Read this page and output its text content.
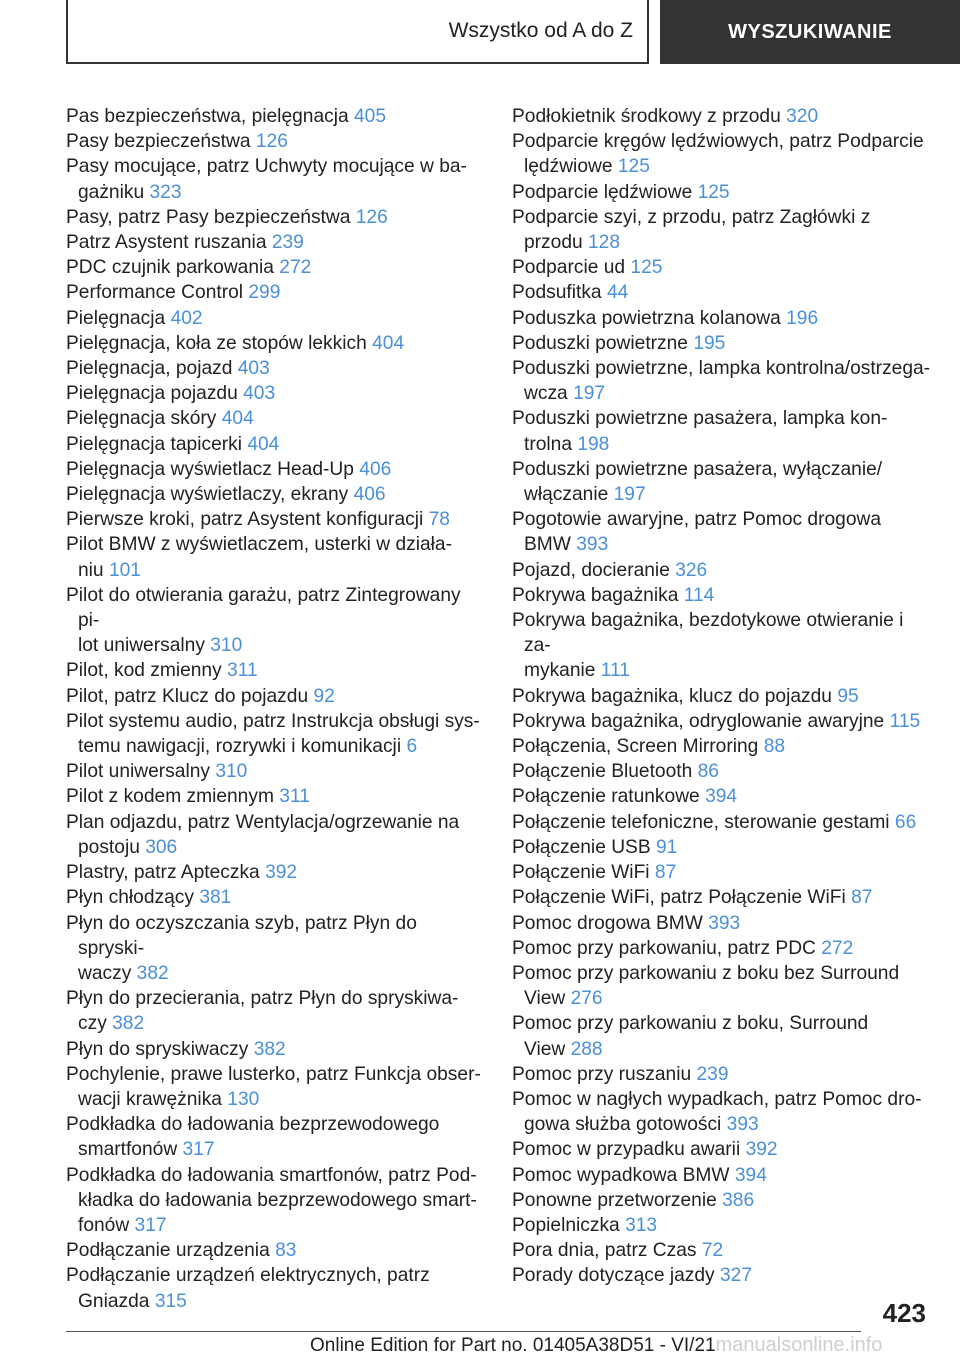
Wszystko od A do Z	WYSZUKIWANIE
Pas bezpieczeństwa, pielęgnacja 405
Pasy bezpieczeństwa 126
Pasy mocujące, patrz Uchwyty mocujące w ba-
gażniku 323
Pasy, patrz Pasy bezpieczeństwa 126
Patrz Asystent ruszania 239
PDC czujnik parkowania 272
Performance Control 299
Pielęgnacja 402
Pielęgnacja, koła ze stopów lekkich 404
Pielęgnacja, pojazd 403
Pielęgnacja pojazdu 403
Pielęgnacja skóry 404
Pielęgnacja tapicerki 404
Pielęgnacja wyświetlacz Head-Up 406
Pielęgnacja wyświetlaczy, ekrany 406
Pierwsze kroki, patrz Asystent konfiguracji 78
Pilot BMW z wyświetlaczem, usterki w działa-
niu 101
Pilot do otwierania garażu, patrz Zintegrowany pi-
lot uniwersalny 310
Pilot, kod zmienny 311
Pilot, patrz Klucz do pojazdu 92
Pilot systemu audio, patrz Instrukcja obsługi sys-
temu nawigacji, rozrywki i komunikacji 6
Pilot uniwersalny 310
Pilot z kodem zmiennym 311
Plan odjazdu, patrz Wentylacja/ogrzewanie na
postoju 306
Plastry, patrz Apteczka 392
Płyn chłodzący 381
Płyn do oczyszczania szyb, patrz Płyn do spryski-
waczy 382
Płyn do przecierania, patrz Płyn do spryskiwa-
czy 382
Płyn do spryskiwaczy 382
Pochylenie, prawe lusterko, patrz Funkcja obser-
wacji krawężnika 130
Podkładka do ładowania bezprzewodowego
smartfonów 317
Podkładka do ładowania smartfonów, patrz Pod-
kładka do ładowania bezprzewodowego smart-
fonów 317
Podłączanie urządzenia 83
Podłączanie urządzeń elektrycznych, patrz
Gniazda 315
Podłokietnik środkowy z przodu 320
Podparcie kręgów lędźwiowych, patrz Podparcie
lędźwiowe 125
Podparcie lędźwiowe 125
Podparcie szyi, z przodu, patrz Zagłówki z
przodu 128
Podparcie ud 125
Podsufitka 44
Poduszka powietrzna kolanowa 196
Poduszki powietrzne 195
Poduszki powietrzne, lampka kontrolna/ostrzega-
wcza 197
Poduszki powietrzne pasażera, lampka kon-
trolna 198
Poduszki powietrzne pasażera, wyłączanie/
włączanie 197
Pogotowie awaryjne, patrz Pomoc drogowa
BMW 393
Pojazd, docieranie 326
Pokrywa bagażnika 114
Pokrywa bagażnika, bezdotykowe otwieranie i za-
mykanie 111
Pokrywa bagażnika, klucz do pojazdu 95
Pokrywa bagażnika, odryglowanie awaryjne 115
Połączenia, Screen Mirroring 88
Połączenie Bluetooth 86
Połączenie ratunkowe 394
Połączenie telefoniczne, sterowanie gestami 66
Połączenie USB 91
Połączenie WiFi 87
Połączenie WiFi, patrz Połączenie WiFi 87
Pomoc drogowa BMW 393
Pomoc przy parkowaniu, patrz PDC 272
Pomoc przy parkowaniu z boku bez Surround
View 276
Pomoc przy parkowaniu z boku, Surround
View 288
Pomoc przy ruszaniu 239
Pomoc w nagłych wypadkach, patrz Pomoc dro-
gowa służba gotowości 393
Pomoc w przypadku awarii 392
Pomoc wypadkowa BMW 394
Ponowne przetworzenie 386
Popielniczka 313
Pora dnia, patrz Czas 72
Porady dotyczące jazdy 327
423
Online Edition for Part no. 01405A38D51 - VI/21manualsonline.info
